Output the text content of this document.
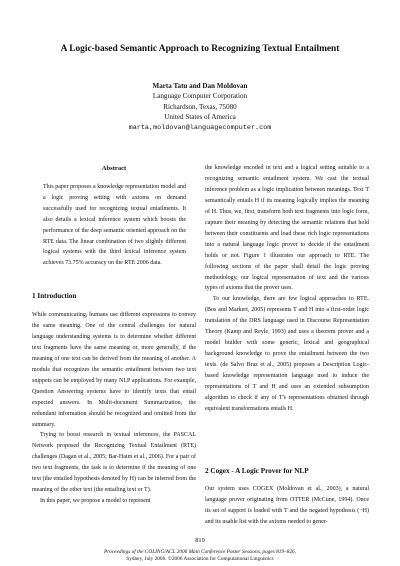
A Logic-based Semantic Approach to Recognizing Textual Entailment
Marta Tatu and Dan Moldovan
Language Computer Corporation
Richardson, Texas, 75080
United States of America
marta,moldovan@languagecomputer.com
Abstract
This paper proposes a knowledge representation model and a logic proving setting with axioms on demand successfully used for recognizing textual entailments. It also details a lexical inference system which boosts the performance of the deep semantic oriented approach on the RTE data. The linear combination of two slightly different logical systems with the third lexical inference system achieves 73.75% accuracy on the RTE 2006 data.
1 Introduction

While communicating, humans use different expressions to convey the same meaning. One of the central challenges for natural language understanding systems is to determine whether different text fragments have the same meaning or, more generally, if the meaning of one text can be derived from the meaning of another. A module that recognizes the semantic entailment between two text snippets can be employed by many NLP applications. For example, Question Answering systems have to identify texts that entail expected answers. In Multi-document Summarization, the redundant information should be recognized and omitted from the summary.

Trying to boost research in textual inferences, the PASCAL Network proposed the Recognizing Textual Entailment (RTE) challenges (Dagan et al., 2005; Bar-Haim et al., 2006). For a pair of two text fragments, the task is to determine if the meaning of one text (the entailed hypothesis denoted by H) can be inferred from the meaning of the other text (the entailing text or T).

In this paper, we propose a model to represent

the knowledge encoded in text and a logical setting suitable to a recognizing semantic entailment system. We cast the textual inference problem as a logic implication between meanings. Text T semantically entails H if its meaning logically implies the meaning of H. Thus, we, first, transform both text fragments into logic form, capture their meaning by detecting the semantic relations that hold between their constituents and load these rich logic representations into a natural language logic prover to decide if the entailment holds or not. Figure 1 illustrates our approach to RTE. The following sections of the paper shall detail the logic proving methodology, our logical representation of text and the various types of axioms that the prover uses.

To our knowledge, there are few logical approaches to RTE. (Bos and Markert, 2005) represents T and H into a first-order logic translation of the DRS language used in Discourse Representation Theory (Kamp and Reyle, 1993) and uses a theorem prover and a model builder with some generic, lexical and geographical background knowledge to prove the entailment between the two texts. (de Salvo Braz et al., 2005) proposes a Description Logic-based knowledge representation language used to induce the representations of T and H and uses an extended subsumption algorithm to check if any of T's representations obtained through equivalent transformations entails H.

2 Cogex - A Logic Prover for NLP

Our system uses COGEX (Moldovan et al., 2003), a natural language prover originating from OTTER (McCune, 1994). Once its set of support is loaded with T and the negated hypothesis (¬H) and its usable list with the axioms needed to gener-

819
Proceedings of the COLING/ACL 2006 Main Conference Poster Sessions, pages 819–826,
Sydney, July 2006. ©2006 Association for Computational Linguistics
